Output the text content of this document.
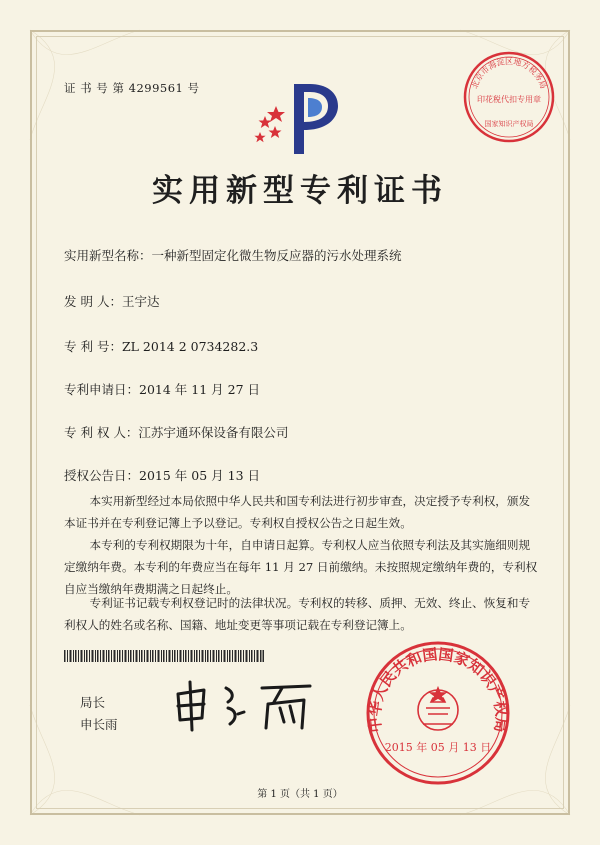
证 书 号 第 4299561 号	北京市海淀区地方税务局
印花税代扣专用章
国家知识产权局
实用新型专利证书
实用新型名称：一种新型固定化微生物反应器的污水处理系统
发 明 人：王宇达
专 利 号：ZL 2014 2 0734282.3
专利申请日：2014 年 11 月 27 日
专 利 权 人：江苏宇通环保设备有限公司
授权公告日：2015 年 05 月 13 日
本实用新型经过本局依照中华人民共和国专利法进行初步审查，决定授予专利权，颁发本证书并在专利登记簿上予以登记。专利权自授权公告之日起生效。
本专利的专利权期限为十年，自申请日起算。专利权人应当依照专利法及其实施细则规定缴纳年费。本专利的年费应当在每年 11 月 27 日前缴纳。未按照规定缴纳年费的，专利权自应当缴纳年费期满之日起终止。
专利证书记载专利权登记时的法律状况。专利权的转移、质押、无效、终止、恢复和专利权人的姓名或名称、国籍、地址变更等事项记载在专利登记簿上。
局长
申长雨	中华人民共和国国家知识产权局
2015 年 05 月 13 日
第 1 页（共 1 页）
